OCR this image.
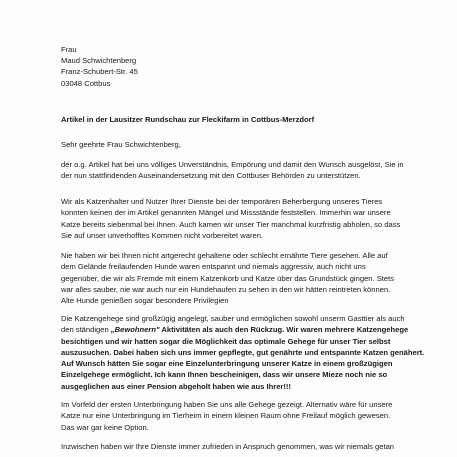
Frau
Maud Schwichtenberg
Franz-Schubert-Str. 45
03048 Cottbus
Artikel in der Lausitzer Rundschau zur Fleckifarm in Cottbus-Merzdorf
Sehr geehrte Frau Schwichtenberg,
der o.g. Artikel hat bei uns völliges Unverständnis, Empörung und damit den Wunsch ausgelöst, Sie in
der nun stattfindenden Auseinandersetzung mit den Cottbuser Behörden zu unterstützen.
Wir als Katzenhalter und Nutzer Ihrer Dienste bei der temporären Beherbergung unseres Tieres
konnten keinen der im Artikel genannten Mängel und Missstände feststellen. Immerhin war unsere
Katze bereits siebenmal bei Ihnen. Auch kamen wir unser Tier manchmal kurzfristig abholen, so dass
Sie auf unser unverhofftes Kommen nicht vorbereitet waren.
Nie haben wir bei Ihnen nicht artgerecht gehaltene oder schlecht ernährte Tiere gesehen. Alle auf
dem Gelände freilaufenden Hunde waren entspannt und niemals aggressiv, auch nicht uns
gegenüber, die wir als Fremde mit einem Katzenkorb und Katze über das Grundstück gingen. Stets
war alles sauber, nie war auch nur ein Hundehaufen zu sehen in den wir hätten reintreten können.
Alte Hunde genießen sogar besondere Privilegien
Die Katzengehege sind großzügig angelegt, sauber und ermöglichen sowohl unserm Gasttier als auch
den ständigen „Bewohnern" Aktivitäten als auch den Rückzug. Wir waren mehrere Katzengehege
besichtigen und wir hatten sogar die Möglichkeit das optimale Gehege für unser Tier selbst
auszusuchen. Dabei haben sich uns immer gepflegte, gut genährte und entspannte Katzen genähert.
Auf Wunsch hätten Sie sogar eine Einzelunterbringung unserer Katze in einem großzügigen
Einzelgehege ermöglicht. Ich kann Ihnen bescheinigen, dass wir unsere Mieze noch nie so
ausgeglichen aus einer Pension abgeholt haben wie aus Ihrer!!!
Im Vorfeld der ersten Unterbringung haben Sie uns alle Gehege gezeigt. Alternativ wäre für unsere
Katze nur eine Unterbringung im Tierheim in einem kleinen Raum ohne Freilauf möglich gewesen.
Das war gar keine Option.
Inzwischen haben wir Ihre Dienste immer zufrieden in Anspruch genommen, was wir niemals getan
